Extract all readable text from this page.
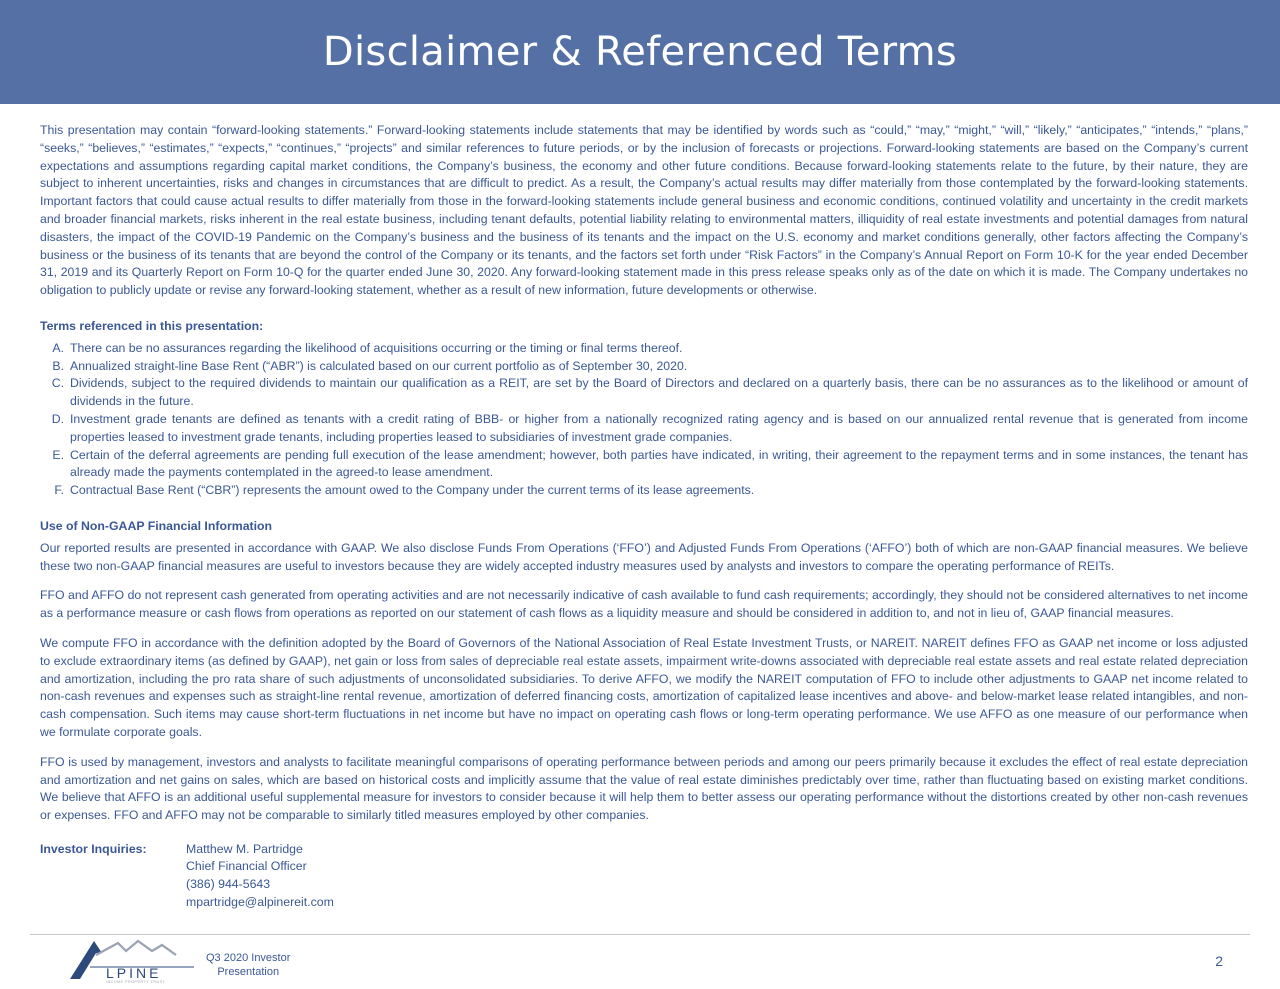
Disclaimer & Referenced Terms

This presentation may contain “forward-looking statements.” Forward-looking statements include statements that may be identified by words such as “could,” “may,” “might,” “will,” “likely,” “anticipates,” “intends,” “plans,” “seeks,” “believes,” “estimates,” “expects,” “continues,” “projects” and similar references to future periods, or by the inclusion of forecasts or projections. Forward-looking statements are based on the Company’s current expectations and assumptions regarding capital market conditions, the Company’s business, the economy and other future conditions. Because forward-looking statements relate to the future, by their nature, they are subject to inherent uncertainties, risks and changes in circumstances that are difficult to predict. As a result, the Company’s actual results may differ materially from those contemplated by the forward-looking statements. Important factors that could cause actual results to differ materially from those in the forward-looking statements include general business and economic conditions, continued volatility and uncertainty in the credit markets and broader financial markets, risks inherent in the real estate business, including tenant defaults, potential liability relating to environmental matters, illiquidity of real estate investments and potential damages from natural disasters, the impact of the COVID-19 Pandemic on the Company’s business and the business of its tenants and the impact on the U.S. economy and market conditions generally, other factors affecting the Company’s business or the business of its tenants that are beyond the control of the Company or its tenants, and the factors set forth under “Risk Factors” in the Company’s Annual Report on Form 10-K for the year ended December 31, 2019 and its Quarterly Report on Form 10-Q for the quarter ended June 30, 2020. Any forward-looking statement made in this press release speaks only as of the date on which it is made. The Company undertakes no obligation to publicly update or revise any forward-looking statement, whether as a result of new information, future developments or otherwise.

Terms referenced in this presentation:
A. There can be no assurances regarding the likelihood of acquisitions occurring or the timing or final terms thereof.
B. Annualized straight-line Base Rent (“ABR”) is calculated based on our current portfolio as of September 30, 2020.
C. Dividends, subject to the required dividends to maintain our qualification as a REIT, are set by the Board of Directors and declared on a quarterly basis, there can be no assurances as to the likelihood or amount of dividends in the future.
D. Investment grade tenants are defined as tenants with a credit rating of BBB- or higher from a nationally recognized rating agency and is based on our annualized rental revenue that is generated from income properties leased to investment grade tenants, including properties leased to subsidiaries of investment grade companies.
E. Certain of the deferral agreements are pending full execution of the lease amendment; however, both parties have indicated, in writing, their agreement to the repayment terms and in some instances, the tenant has already made the payments contemplated in the agreed-to lease amendment.
F. Contractual Base Rent (“CBR”) represents the amount owed to the Company under the current terms of its lease agreements.
Use of Non-GAAP Financial Information

Our reported results are presented in accordance with GAAP. We also disclose Funds From Operations (‘FFO’) and Adjusted Funds From Operations (‘AFFO’) both of which are non-GAAP financial measures. We believe these two non-GAAP financial measures are useful to investors because they are widely accepted industry measures used by analysts and investors to compare the operating performance of REITs.

FFO and AFFO do not represent cash generated from operating activities and are not necessarily indicative of cash available to fund cash requirements; accordingly, they should not be considered alternatives to net income as a performance measure or cash flows from operations as reported on our statement of cash flows as a liquidity measure and should be considered in addition to, and not in lieu of, GAAP financial measures.

We compute FFO in accordance with the definition adopted by the Board of Governors of the National Association of Real Estate Investment Trusts, or NAREIT. NAREIT defines FFO as GAAP net income or loss adjusted to exclude extraordinary items (as defined by GAAP), net gain or loss from sales of depreciable real estate assets, impairment write-downs associated with depreciable real estate assets and real estate related depreciation and amortization, including the pro rata share of such adjustments of unconsolidated subsidiaries. To derive AFFO, we modify the NAREIT computation of FFO to include other adjustments to GAAP net income related to non-cash revenues and expenses such as straight-line rental revenue, amortization of deferred financing costs, amortization of capitalized lease incentives and above- and below-market lease related intangibles, and non-cash compensation. Such items may cause short-term fluctuations in net income but have no impact on operating cash flows or long-term operating performance. We use AFFO as one measure of our performance when we formulate corporate goals.

FFO is used by management, investors and analysts to facilitate meaningful comparisons of operating performance between periods and among our peers primarily because it excludes the effect of real estate depreciation and amortization and net gains on sales, which are based on historical costs and implicitly assume that the value of real estate diminishes predictably over time, rather than fluctuating based on existing market conditions. We believe that AFFO is an additional useful supplemental measure for investors to consider because it will help them to better assess our operating performance without the distortions created by other non-cash revenues or expenses. FFO and AFFO may not be comparable to similarly titled measures employed by other companies.

Investor Inquiries:	Matthew M. Partridge
Chief Financial Officer
(386) 944-5643
mpartridge@alpinereit.com
LPINE
INCOME PROPERTY TRUST
Q3 2020 Investor
Presentation
2
